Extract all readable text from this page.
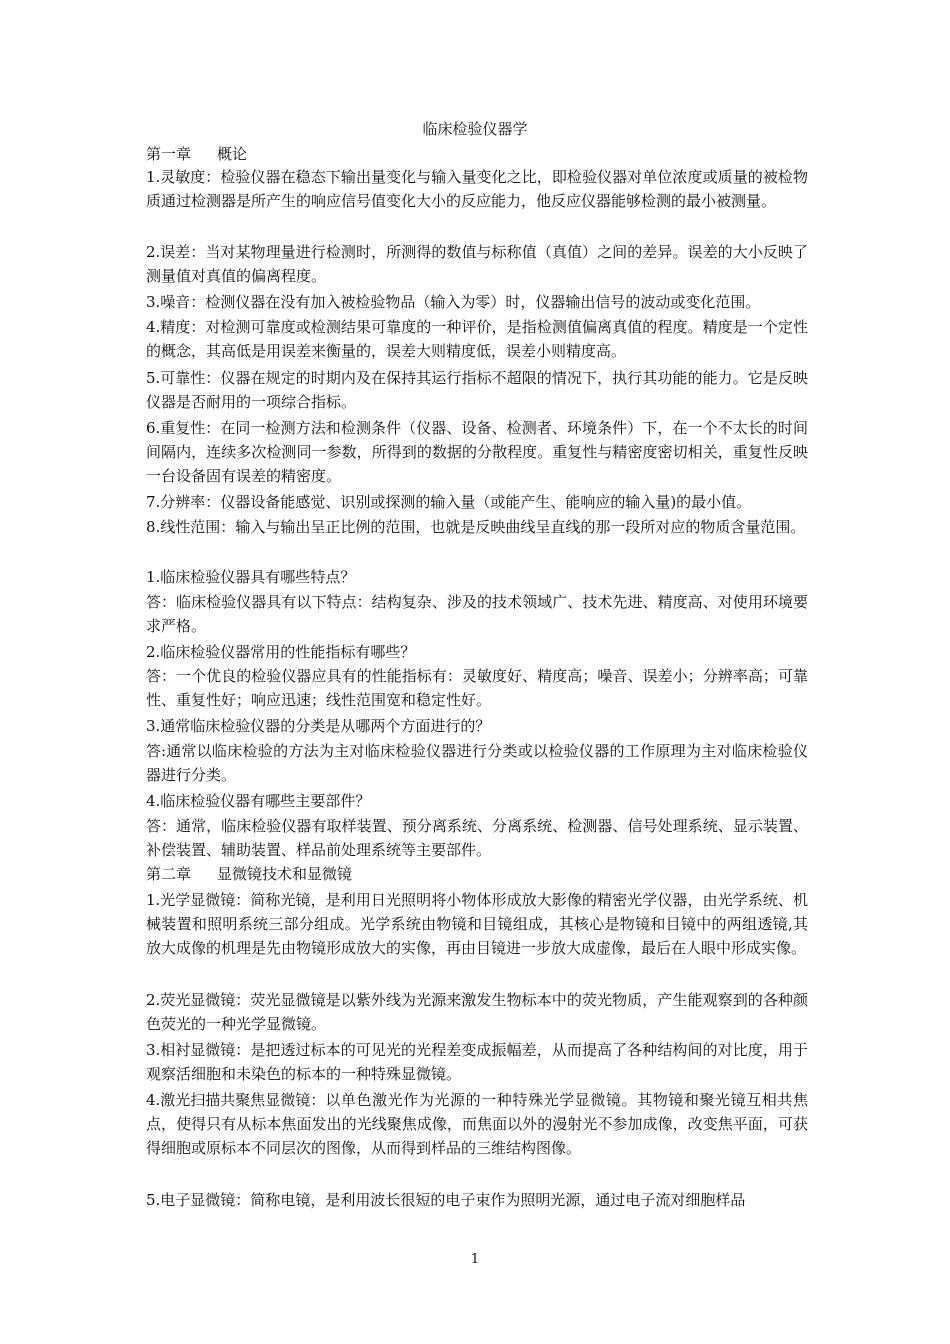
临床检验仪器学
第一章 概论
1.灵敏度： 检验仪器在稳态下输出量变化与输入量变化之比，即检验仪器对单位浓度或质量的被检物质通过检测器是所产生的响应信号值变化大小的反应能力，他反应仪器能够检测的最小被测量。
2.误差： 当对某物理量进行检测时，所测得的数值与标称值（真值）之间的差异。误差的大小反映了测量值对真值的偏离程度。
3.噪音： 检测仪器在没有加入被检验物品（输入为零）时，仪器输出信号的波动或变化范围。
4.精度： 对检测可靠度或检测结果可靠度的一种评价，是指检测值偏离真值的程度。精度是一个定性的概念，其高低是用误差来衡量的，误差大则精度低，误差小则精度高。
5.可靠性： 仪器在规定的时期内及在保持其运行指标不超限的情况下，执行其功能的能力。它是反映仪器是否耐用的一项综合指标。
6.重复性： 在同一检测方法和检测条件（仪器、设备、检测者、环境条件）下，在一个不太长的时间间隔内，连续多次检测同一参数，所得到的数据的分散程度。重复性与精密度密切相关，重复性反映一台设备固有误差的精密度。
7.分辨率： 仪器设备能感觉、识别或探测的输入量（或能产生、能响应的输入量)的最小值。
8.线性范围： 输入与输出呈正比例的范围，也就是反映曲线呈直线的那一段所对应的物质含量范围。
1.临床检验仪器具有哪些特点？
答： 临床检验仪器具有以下特点：结构复杂、涉及的技术领域广、技术先进、精度高、对使用环境要求严格。
2.临床检验仪器常用的性能指标有哪些？
答： 一个优良的检验仪器应具有的性能指标有：灵敏度好、精度高；噪音、误差小；分辨率高；可靠性、重复性好；响应迅速；线性范围宽和稳定性好。
3.通常临床检验仪器的分类是从哪两个方面进行的？
答: 通常以临床检验的方法为主对临床检验仪器进行分类或以检验仪器的工作原理为主对临床检验仪器进行分类。
4.临床检验仪器有哪些主要部件？
答： 通常，临床检验仪器有取样装置、预分离系统、分离系统、检测器、信号处理系统、显示装置、补偿装置、辅助装置、样品前处理系统等主要部件。
第二章 显微镜技术和显微镜
1.光学显微镜： 简称光镜，是利用日光照明将小物体形成放大影像的精密光学仪器，由光学系统、机械装置和照明系统三部分组成。光学系统由物镜和目镜组成，其核心是物镜和目镜中的两组透镜,其放大成像的机理是先由物镜形成放大的实像，再由目镜进一步放大成虚像，最后在人眼中形成实像。
2.荧光显微镜： 荧光显微镜是以紫外线为光源来激发生物标本中的荧光物质，产生能观察到的各种颜色荧光的一种光学显微镜。
3.相衬显微镜： 是把透过标本的可见光的光程差变成振幅差，从而提高了各种结构间的对比度，用于观察活细胞和未染色的标本的一种特殊显微镜。
4.激光扫描共聚焦显微镜： 以单色激光作为光源的一种特殊光学显微镜。其物镜和聚光镜互相共焦点，使得只有从标本焦面发出的光线聚焦成像，而焦面以外的漫射光不参加成像，改变焦平面，可获得细胞或原标本不同层次的图像，从而得到样品的三维结构图像。
5.电子显微镜： 简称电镜，是利用波长很短的电子束作为照明光源，通过电子流对细胞样品
1
